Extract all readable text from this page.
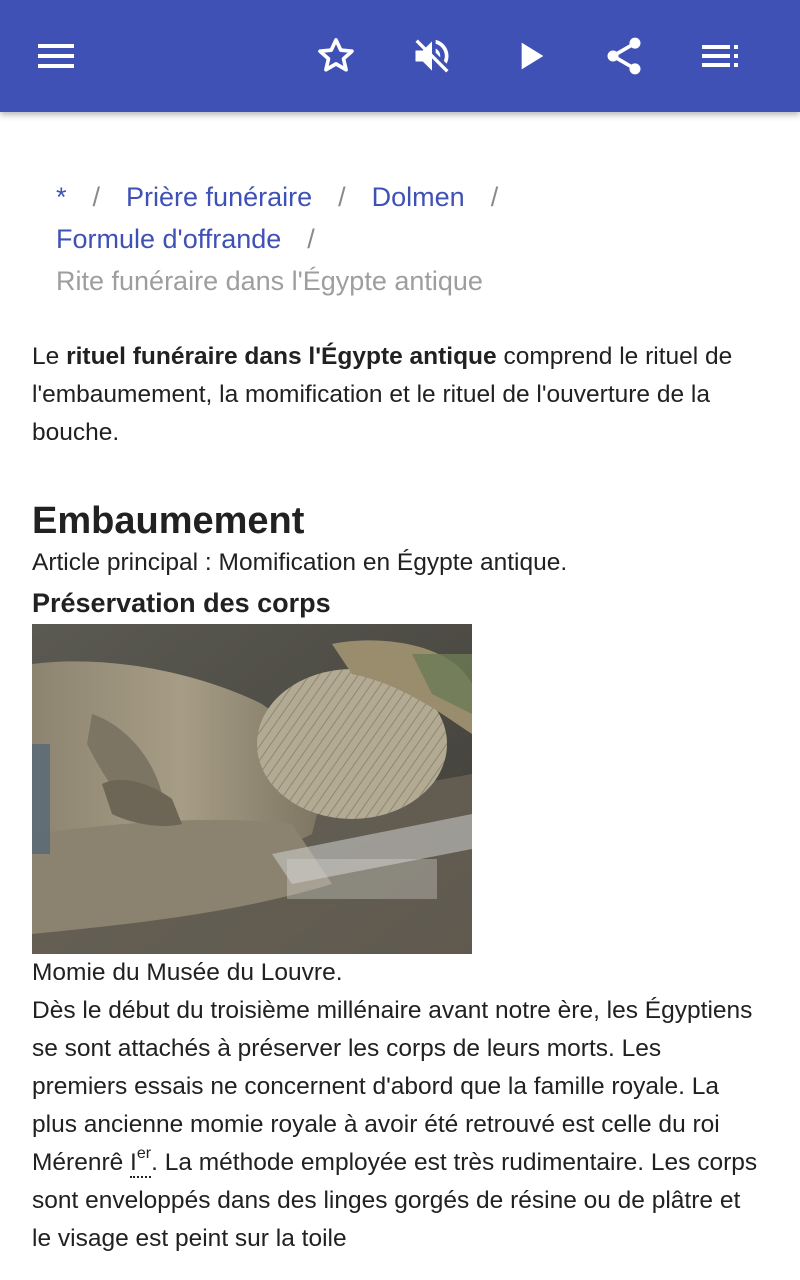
* / Prière funéraire / Dolmen /
Formule d'offrande /
Rite funéraire dans l'Égypte antique

Le rituel funéraire dans l'Égypte antique comprend le rituel de l'embaumement, la momification et le rituel de l'ouverture de la bouche.

Embaumement

Article principal : Momification en Égypte antique.

Préservation des corps

Momie du Musée du Louvre.

Dès le début du troisième millénaire avant notre ère, les Égyptiens se sont attachés à préserver les corps de leurs morts. Les premiers essais ne concernent d'abord que la famille royale. La plus ancienne momie royale à avoir été retrouvé est celle du roi Mérenrê Ier. La méthode employée est très rudimentaire. Les corps sont enveloppés dans des linges gorgés de résine ou de plâtre et le visage est peint sur la toile
